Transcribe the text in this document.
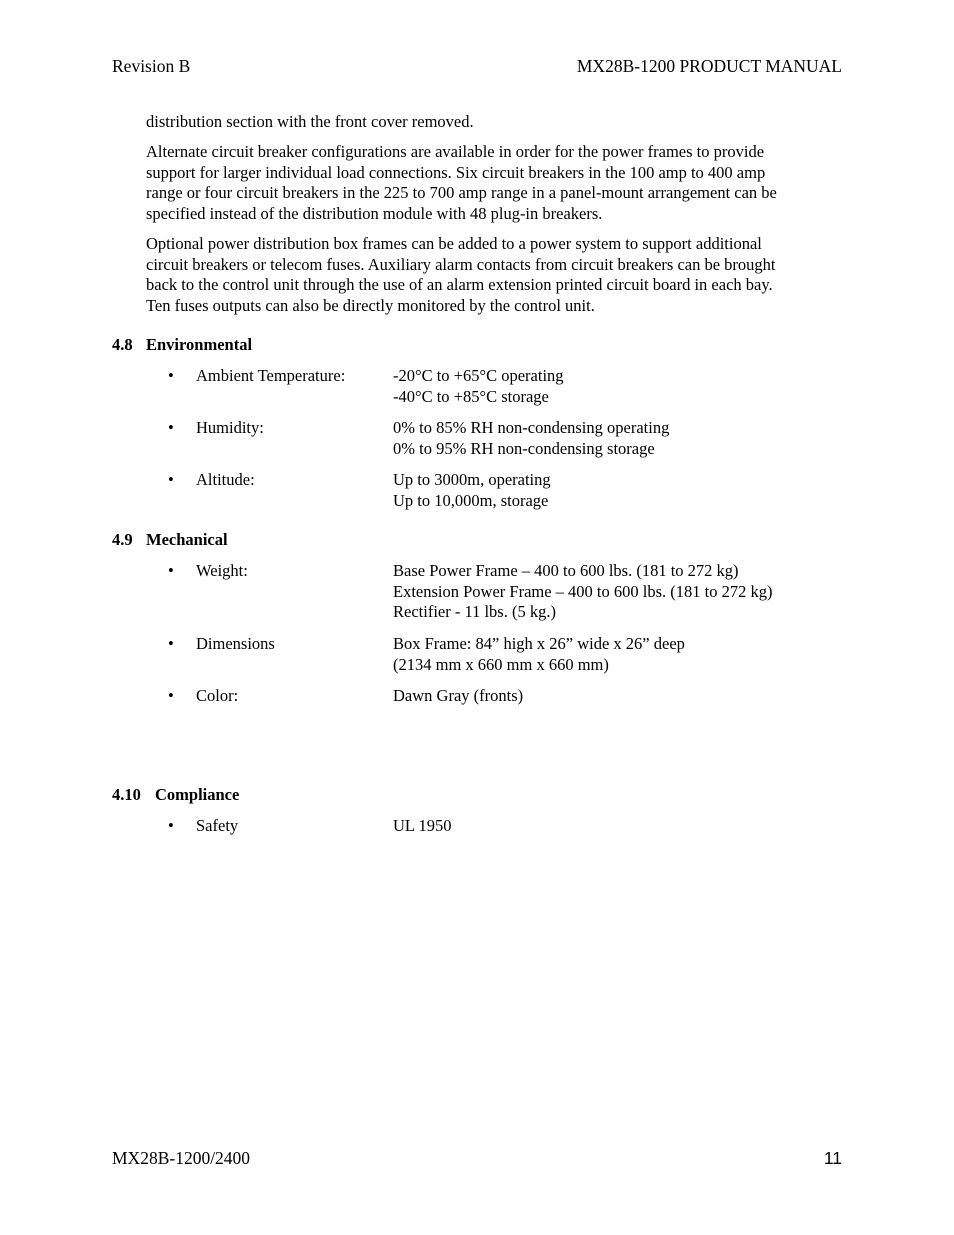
Revision B	MX28B-1200 PRODUCT MANUAL
distribution section with the front cover removed.
Alternate circuit breaker configurations are available in order for the power frames to provide
support for larger individual load connections. Six circuit breakers in the 100 amp to 400 amp
range or four circuit breakers in the 225 to 700 amp range in a panel-mount arrangement can be
specified instead of the distribution module with 48 plug-in breakers.
Optional power distribution box frames can be added to a power system to support additional
circuit breakers or telecom fuses. Auxiliary alarm contacts from circuit breakers can be brought
back to the control unit through the use of an alarm extension printed circuit board in each bay.
Ten fuses outputs can also be directly monitored by the control unit.
4.8 Environmental
• Ambient Temperature:	-20°C to +65°C operating
-40°C to +85°C storage
• Humidity:	0% to 85% RH non-condensing operating
0% to 95% RH non-condensing storage
• Altitude:	Up to 3000m, operating
Up to 10,000m, storage
4.9 Mechanical
• Weight:	Base Power Frame – 400 to 600 lbs. (181 to 272 kg)
Extension Power Frame – 400 to 600 lbs. (181 to 272 kg)
Rectifier - 11 lbs. (5 kg.)
• Dimensions	Box Frame: 84” high x 26” wide x 26” deep
(2134 mm x 660 mm x 660 mm)
• Color:	Dawn Gray (fronts)
4.10 Compliance
• Safety	UL 1950
MX28B-1200/2400	11
